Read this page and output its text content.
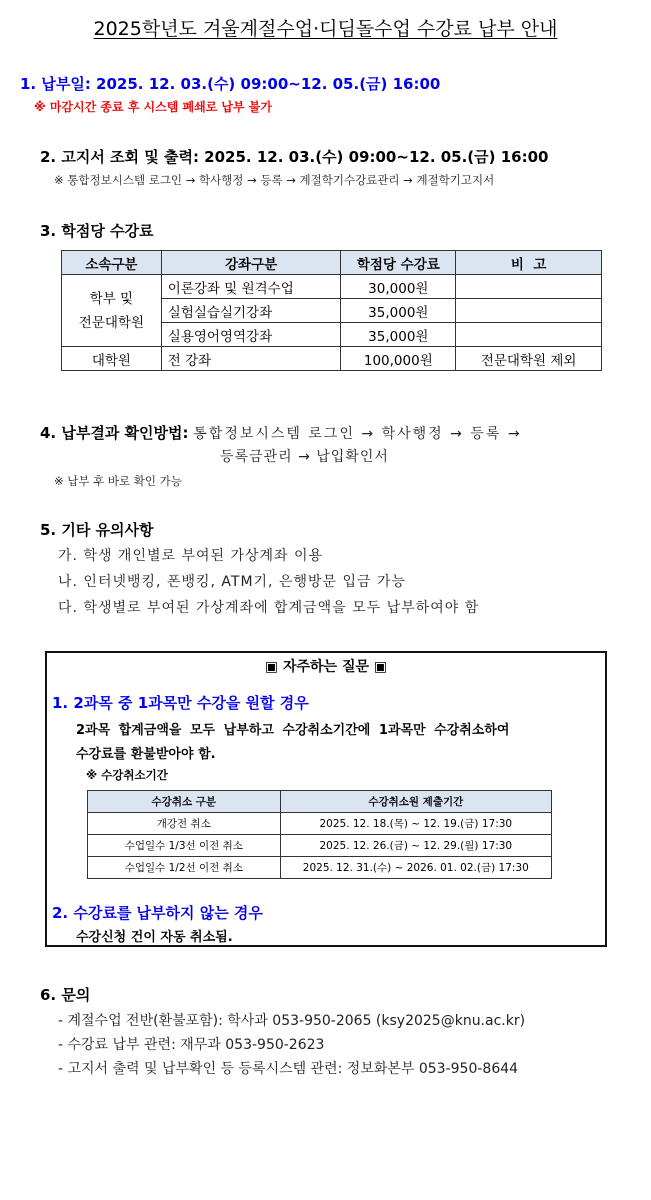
2025학년도 겨울계절수업·디딤돌수업 수강료 납부 안내
1. 납부일: 2025. 12. 03.(수) 09:00~12. 05.(금) 16:00
※ 마감시간 종료 후 시스템 폐쇄로 납부 불가
2. 고지서 조회 및 출력: 2025. 12. 03.(수) 09:00~12. 05.(금) 16:00
※ 통합정보시스템 로그인 → 학사행정 → 등록 → 계절학기수강료관리 → 계절학기고지서
3. 학점당 수강료
소속구분	강좌구분	학점당 수강료	비  고

학부 및
전문대학원	이론강좌 및 원격수업	30,000원	
	실험실습실기강좌	35,000원	
	실용영어영역강좌	35,000원	
대학원	전 강좌	100,000원	전문대학원 제외
4. 납부결과 확인방법: 통합정보시스템 로그인 → 학사행정 → 등록 →
등록금관리 → 납입확인서
※ 납부 후 바로 확인 가능
5. 기타 유의사항
가. 학생 개인별로 부여된 가상계좌 이용
나. 인터넷뱅킹, 폰뱅킹, ATM기, 은행방문 입금 가능
다. 학생별로 부여된 가상계좌에 합계금액을 모두 납부하여야 함
▣ 자주하는 질문 ▣
1. 2과목 중 1과목만 수강을 원할 경우
2과목 합계금액을 모두 납부하고 수강취소기간에 1과목만 수강취소하여
수강료를 환불받아야 함.
※ 수강취소기간
수강취소 구분	수강취소원 제출기간
개강전 취소	2025. 12. 18.(목) ~ 12. 19.(금) 17:30
수업일수 1/3선 이전 취소	2025. 12. 26.(금) ~ 12. 29.(월) 17:30
수업일수 1/2선 이전 취소	2025. 12. 31.(수) ~ 2026. 01. 02.(금) 17:30
2. 수강료를 납부하지 않는 경우
수강신청 건이 자동 취소됨.
6. 문의
- 계절수업 전반(환불포함): 학사과 053-950-2065 (ksy2025@knu.ac.kr)
- 수강료 납부 관련: 재무과 053-950-2623
- 고지서 출력 및 납부확인 등 등록시스템 관련: 정보화본부 053-950-8644
